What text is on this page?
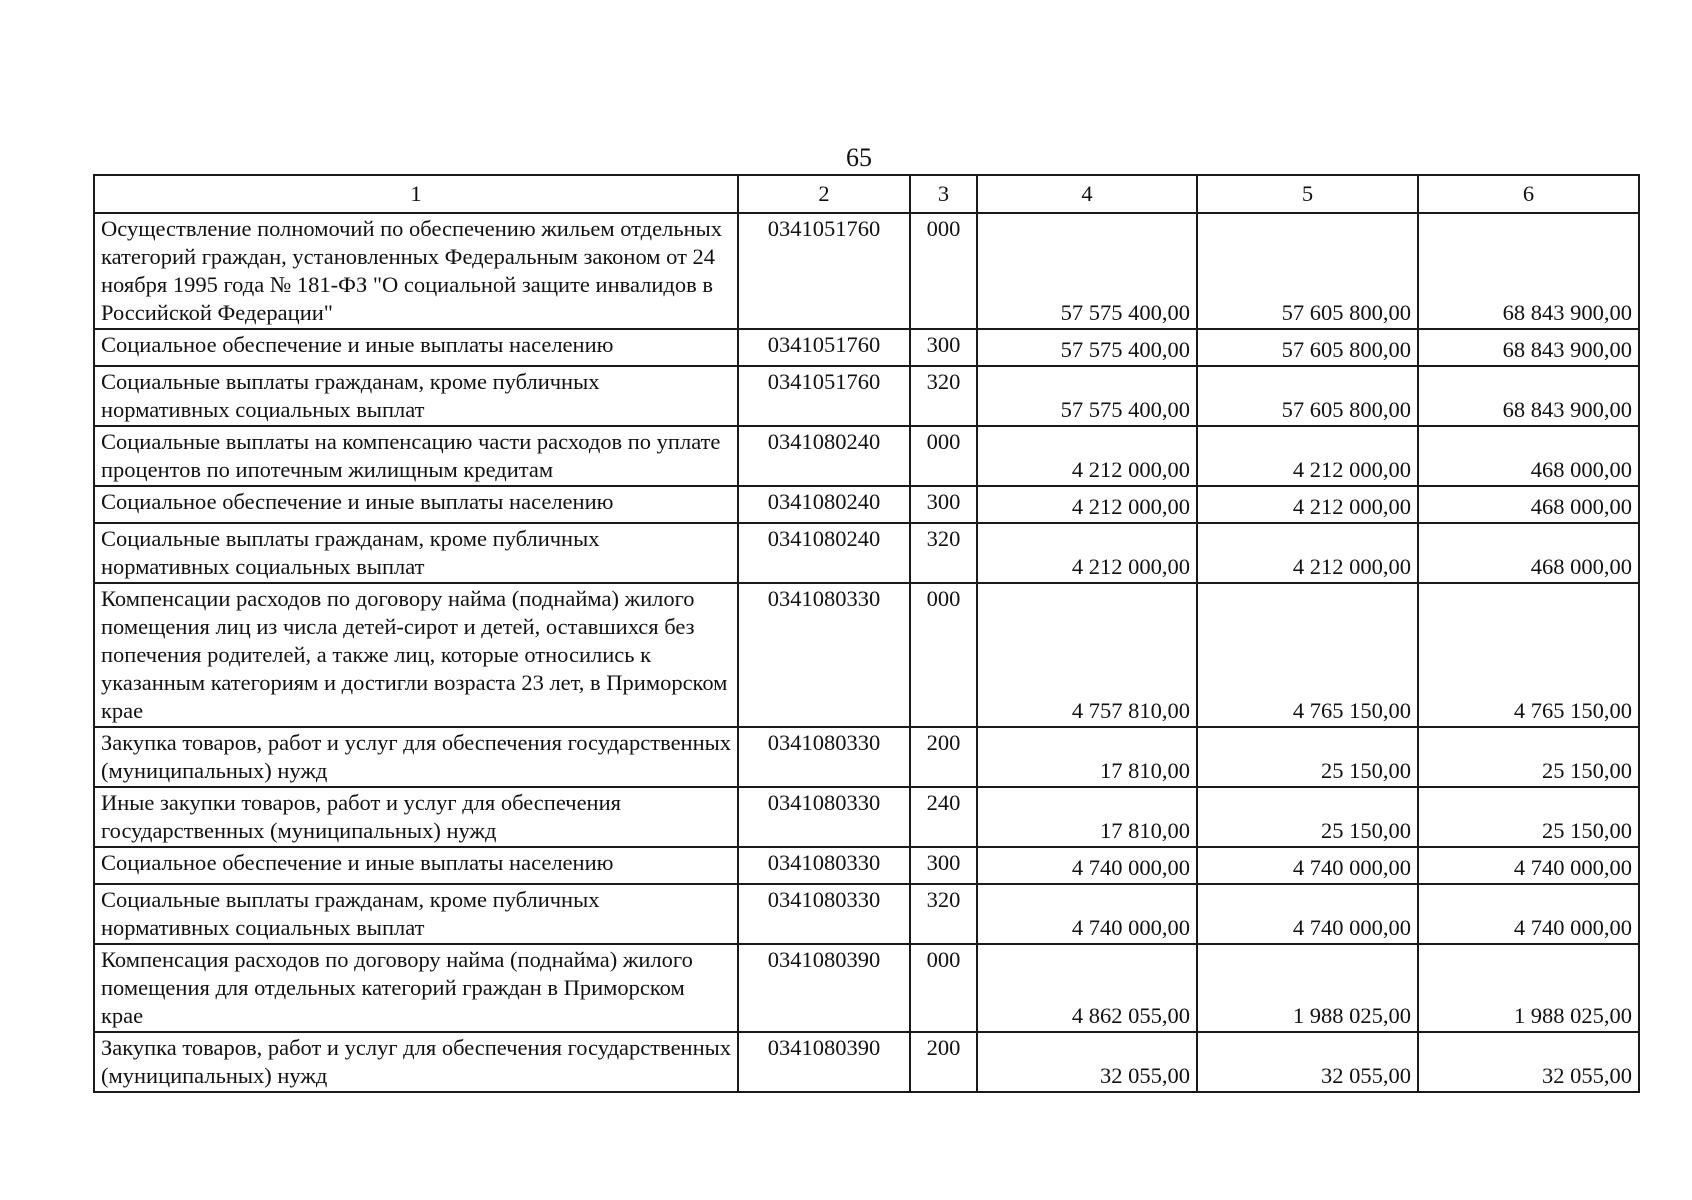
65
1	2	3	4	5	6
Осуществление полномочий по обеспечению жильем отдельных категорий граждан, установленных Федеральным законом от 24 ноября 1995 года № 181-ФЗ "О социальной защите инвалидов в Российской Федерации"	0341051760	000	57 575 400,00	57 605 800,00	68 843 900,00
Социальное обеспечение и иные выплаты населению	0341051760	300	57 575 400,00	57 605 800,00	68 843 900,00
Социальные выплаты гражданам, кроме публичных нормативных социальных выплат	0341051760	320	57 575 400,00	57 605 800,00	68 843 900,00
Социальные выплаты на компенсацию части расходов по уплате процентов по ипотечным жилищным кредитам	0341080240	000	4 212 000,00	4 212 000,00	468 000,00
Социальное обеспечение и иные выплаты населению	0341080240	300	4 212 000,00	4 212 000,00	468 000,00
Социальные выплаты гражданам, кроме публичных нормативных социальных выплат	0341080240	320	4 212 000,00	4 212 000,00	468 000,00
Компенсации расходов по договору найма (поднайма) жилого помещения лиц из числа детей-сирот и детей, оставшихся без попечения родителей, а также лиц, которые относились к указанным категориям и достигли возраста 23 лет, в Приморском крае	0341080330	000	4 757 810,00	4 765 150,00	4 765 150,00
Закупка товаров, работ и услуг для обеспечения государственных (муниципальных) нужд	0341080330	200	17 810,00	25 150,00	25 150,00
Иные закупки товаров, работ и услуг для обеспечения государственных (муниципальных) нужд	0341080330	240	17 810,00	25 150,00	25 150,00
Социальное обеспечение и иные выплаты населению	0341080330	300	4 740 000,00	4 740 000,00	4 740 000,00
Социальные выплаты гражданам, кроме публичных нормативных социальных выплат	0341080330	320	4 740 000,00	4 740 000,00	4 740 000,00
Компенсация расходов по договору найма (поднайма) жилого помещения для отдельных категорий граждан в Приморском крае	0341080390	000	4 862 055,00	1 988 025,00	1 988 025,00
Закупка товаров, работ и услуг для обеспечения государственных (муниципальных) нужд	0341080390	200	32 055,00	32 055,00	32 055,00
